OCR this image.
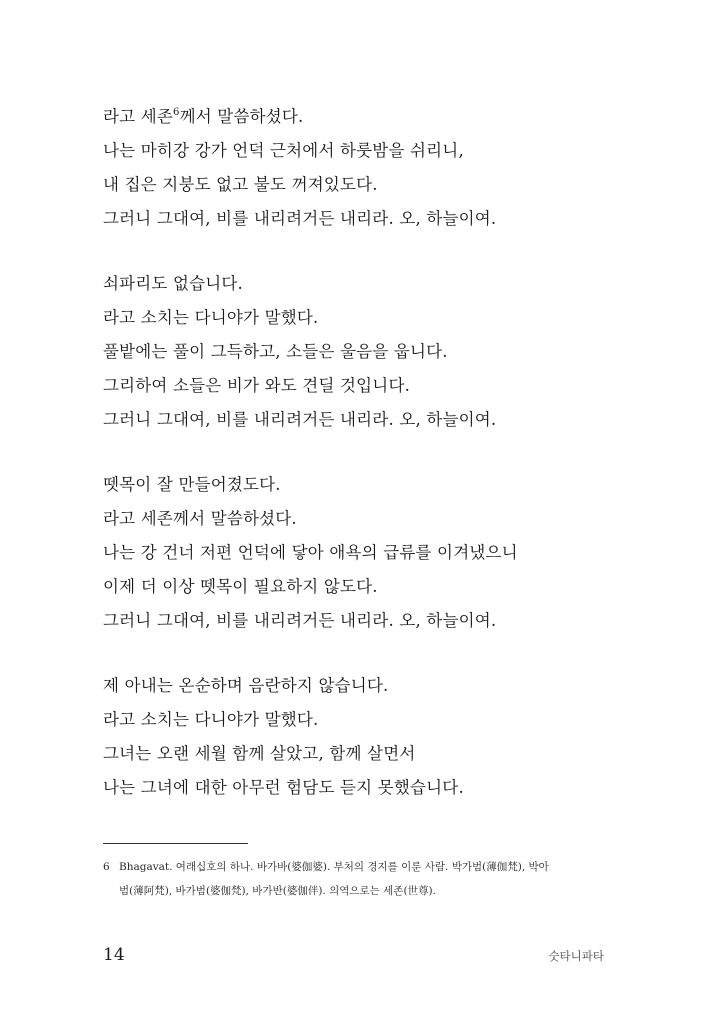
라고 세존$^6$께서 말씀하셨다.
나는 마히강 강가 언덕 근처에서 하룻밤을 쉬리니,
내 집은 지붕도 없고 불도 꺼져있도다.
그러니 그대여, 비를 내리려거든 내리라. 오, 하늘이여.
쇠파리도 없습니다.
라고 소치는 다니야가 말했다.
풀밭에는 풀이 그득하고, 소들은 울음을 웁니다.
그리하여 소들은 비가 와도 견딜 것입니다.
그러니 그대여, 비를 내리려거든 내리라. 오, 하늘이여.
뗏목이 잘 만들어졌도다.
라고 세존께서 말씀하셨다.
나는 강 건너 저편 언덕에 닿아 애욕의 급류를 이겨냈으니
이제 더 이상 뗏목이 필요하지 않도다.
그러니 그대여, 비를 내리려거든 내리라. 오, 하늘이여.
제 아내는 온순하며 음란하지 않습니다.
라고 소치는 다니야가 말했다.
그녀는 오랜 세월 함께 살았고, 함께 살면서
나는 그녀에 대한 아무런 험담도 듣지 못했습니다.
6 Bhagavat. 여래십호의 하나. 바가바(婆伽婆). 부처의 경지를 이룬 사람. 박가범(薄伽梵), 박아
범(薄阿梵), 바가범(婆伽梵), 바가반(婆伽伴). 의역으로는 세존(世尊).
14	숫타니파타
